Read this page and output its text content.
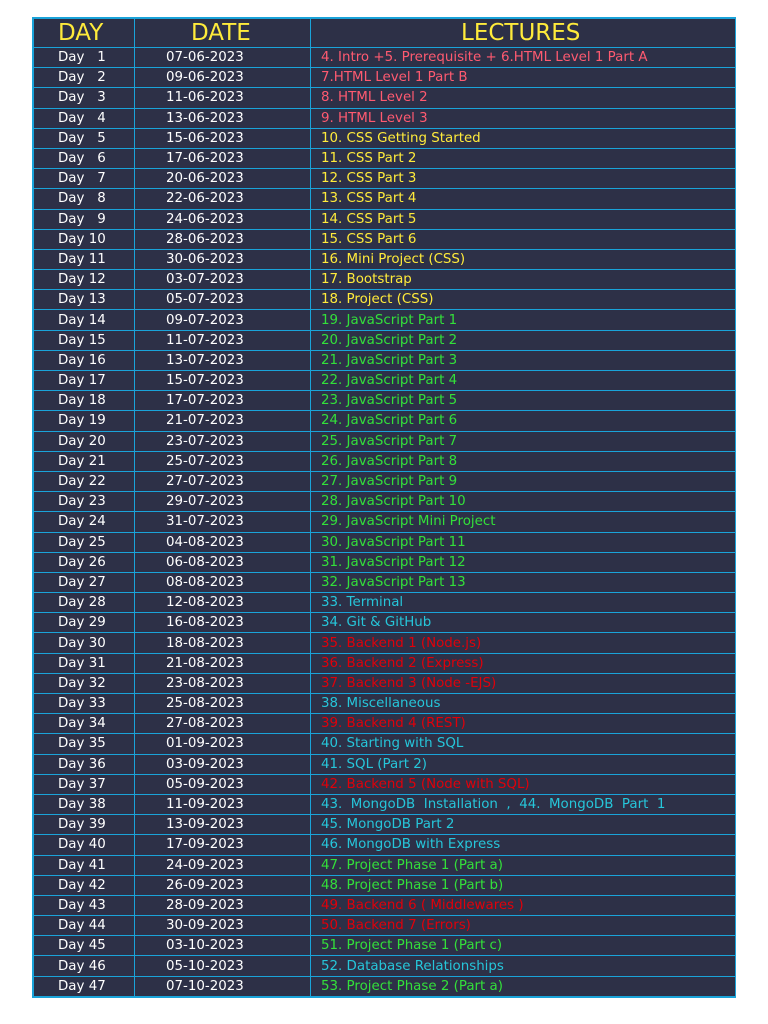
DAY	DATE	LECTURES
Day   1	07-06-2023	4. Intro +5. Prerequisite + 6.HTML Level 1 Part A
Day   2	09-06-2023	7.HTML Level 1 Part B
Day   3	11-06-2023	8. HTML Level 2
Day   4	13-06-2023	9. HTML Level 3
Day   5	15-06-2023	10. CSS Getting Started
Day   6	17-06-2023	11. CSS Part 2
Day   7	20-06-2023	12. CSS Part 3
Day   8	22-06-2023	13. CSS Part 4
Day   9	24-06-2023	14. CSS Part 5
Day 10	28-06-2023	15. CSS Part 6
Day 11	30-06-2023	16. Mini Project (CSS)
Day 12	03-07-2023	17. Bootstrap
Day 13	05-07-2023	18. Project (CSS)
Day 14	09-07-2023	19. JavaScript Part 1
Day 15	11-07-2023	20. JavaScript Part 2
Day 16	13-07-2023	21. JavaScript Part 3
Day 17	15-07-2023	22. JavaScript Part 4
Day 18	17-07-2023	23. JavaScript Part 5
Day 19	21-07-2023	24. JavaScript Part 6
Day 20	23-07-2023	25. JavaScript Part 7
Day 21	25-07-2023	26. JavaScript Part 8
Day 22	27-07-2023	27. JavaScript Part 9
Day 23	29-07-2023	28. JavaScript Part 10
Day 24	31-07-2023	29. JavaScript Mini Project
Day 25	04-08-2023	30. JavaScript Part 11
Day 26	06-08-2023	31. JavaScript Part 12
Day 27	08-08-2023	32. JavaScript Part 13
Day 28	12-08-2023	33. Terminal
Day 29	16-08-2023	34. Git & GitHub
Day 30	18-08-2023	35. Backend 1 (Node.js)
Day 31	21-08-2023	36. Backend 2 (Express)
Day 32	23-08-2023	37. Backend 3 (Node -EJS)
Day 33	25-08-2023	38. Miscellaneous
Day 34	27-08-2023	39. Backend 4 (REST)
Day 35	01-09-2023	40. Starting with SQL
Day 36	03-09-2023	41. SQL (Part 2)
Day 37	05-09-2023	42. Backend 5 (Node with SQL)
Day 38	11-09-2023	43.  MongoDB  Installation  ,  44.  MongoDB  Part  1
Day 39	13-09-2023	45. MongoDB Part 2
Day 40	17-09-2023	46. MongoDB with Express
Day 41	24-09-2023	47. Project Phase 1 (Part a)
Day 42	26-09-2023	48. Project Phase 1 (Part b)
Day 43	28-09-2023	49. Backend 6 ( Middlewares )
Day 44	30-09-2023	50. Backend 7 (Errors)
Day 45	03-10-2023	51. Project Phase 1 (Part c)
Day 46	05-10-2023	52. Database Relationships
Day 47	07-10-2023	53. Project Phase 2 (Part a)
